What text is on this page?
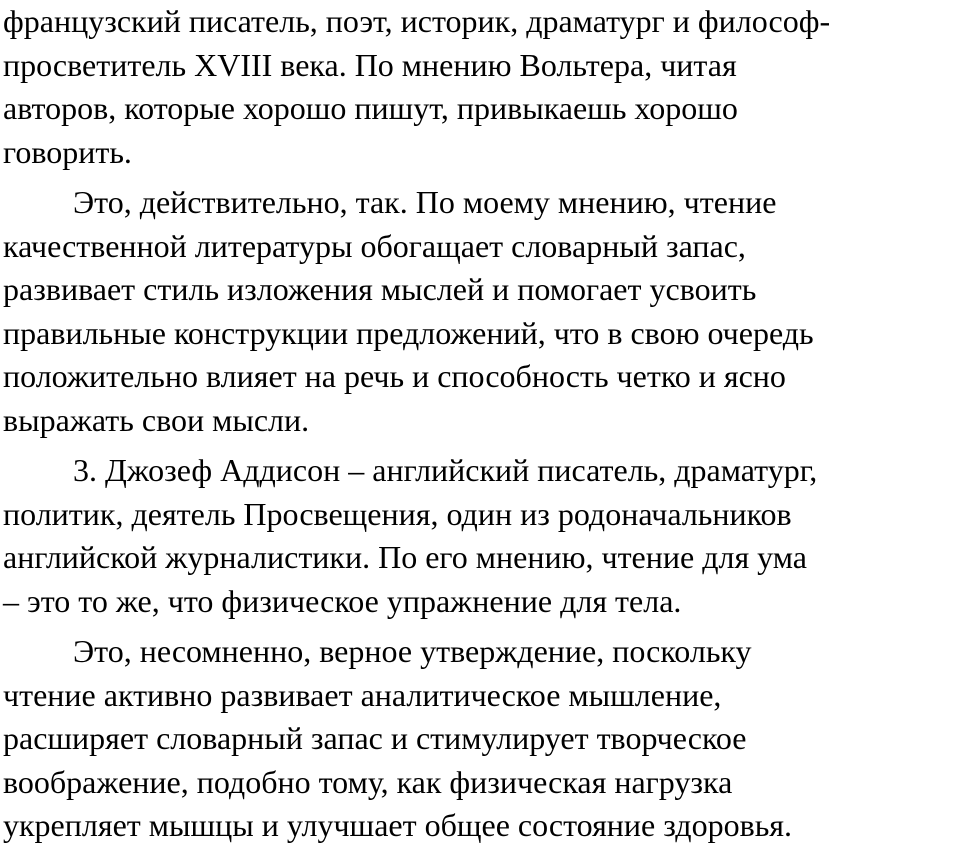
французский писатель, поэт, историк, драматург и философ-
просветитель XVIII века. По мнению Вольтера, читая
авторов, которые хорошо пишут, привыкаешь хорошо
говорить.

Это, действительно, так. По моему мнению, чтение
качественной литературы обогащает словарный запас,
развивает стиль изложения мыслей и помогает усвоить
правильные конструкции предложений, что в свою очередь
положительно влияет на речь и способность четко и ясно
выражать свои мысли.

3. Джозеф Аддисон – английский писатель, драматург,
политик, деятель Просвещения, один из родоначальников
английской журналистики. По его мнению, чтение для ума
– это то же, что физическое упражнение для тела.

Это, несомненно, верное утверждение, поскольку
чтение активно развивает аналитическое мышление,
расширяет словарный запас и стимулирует творческое
воображение, подобно тому, как физическая нагрузка
укрепляет мышцы и улучшает общее состояние здоровья.
